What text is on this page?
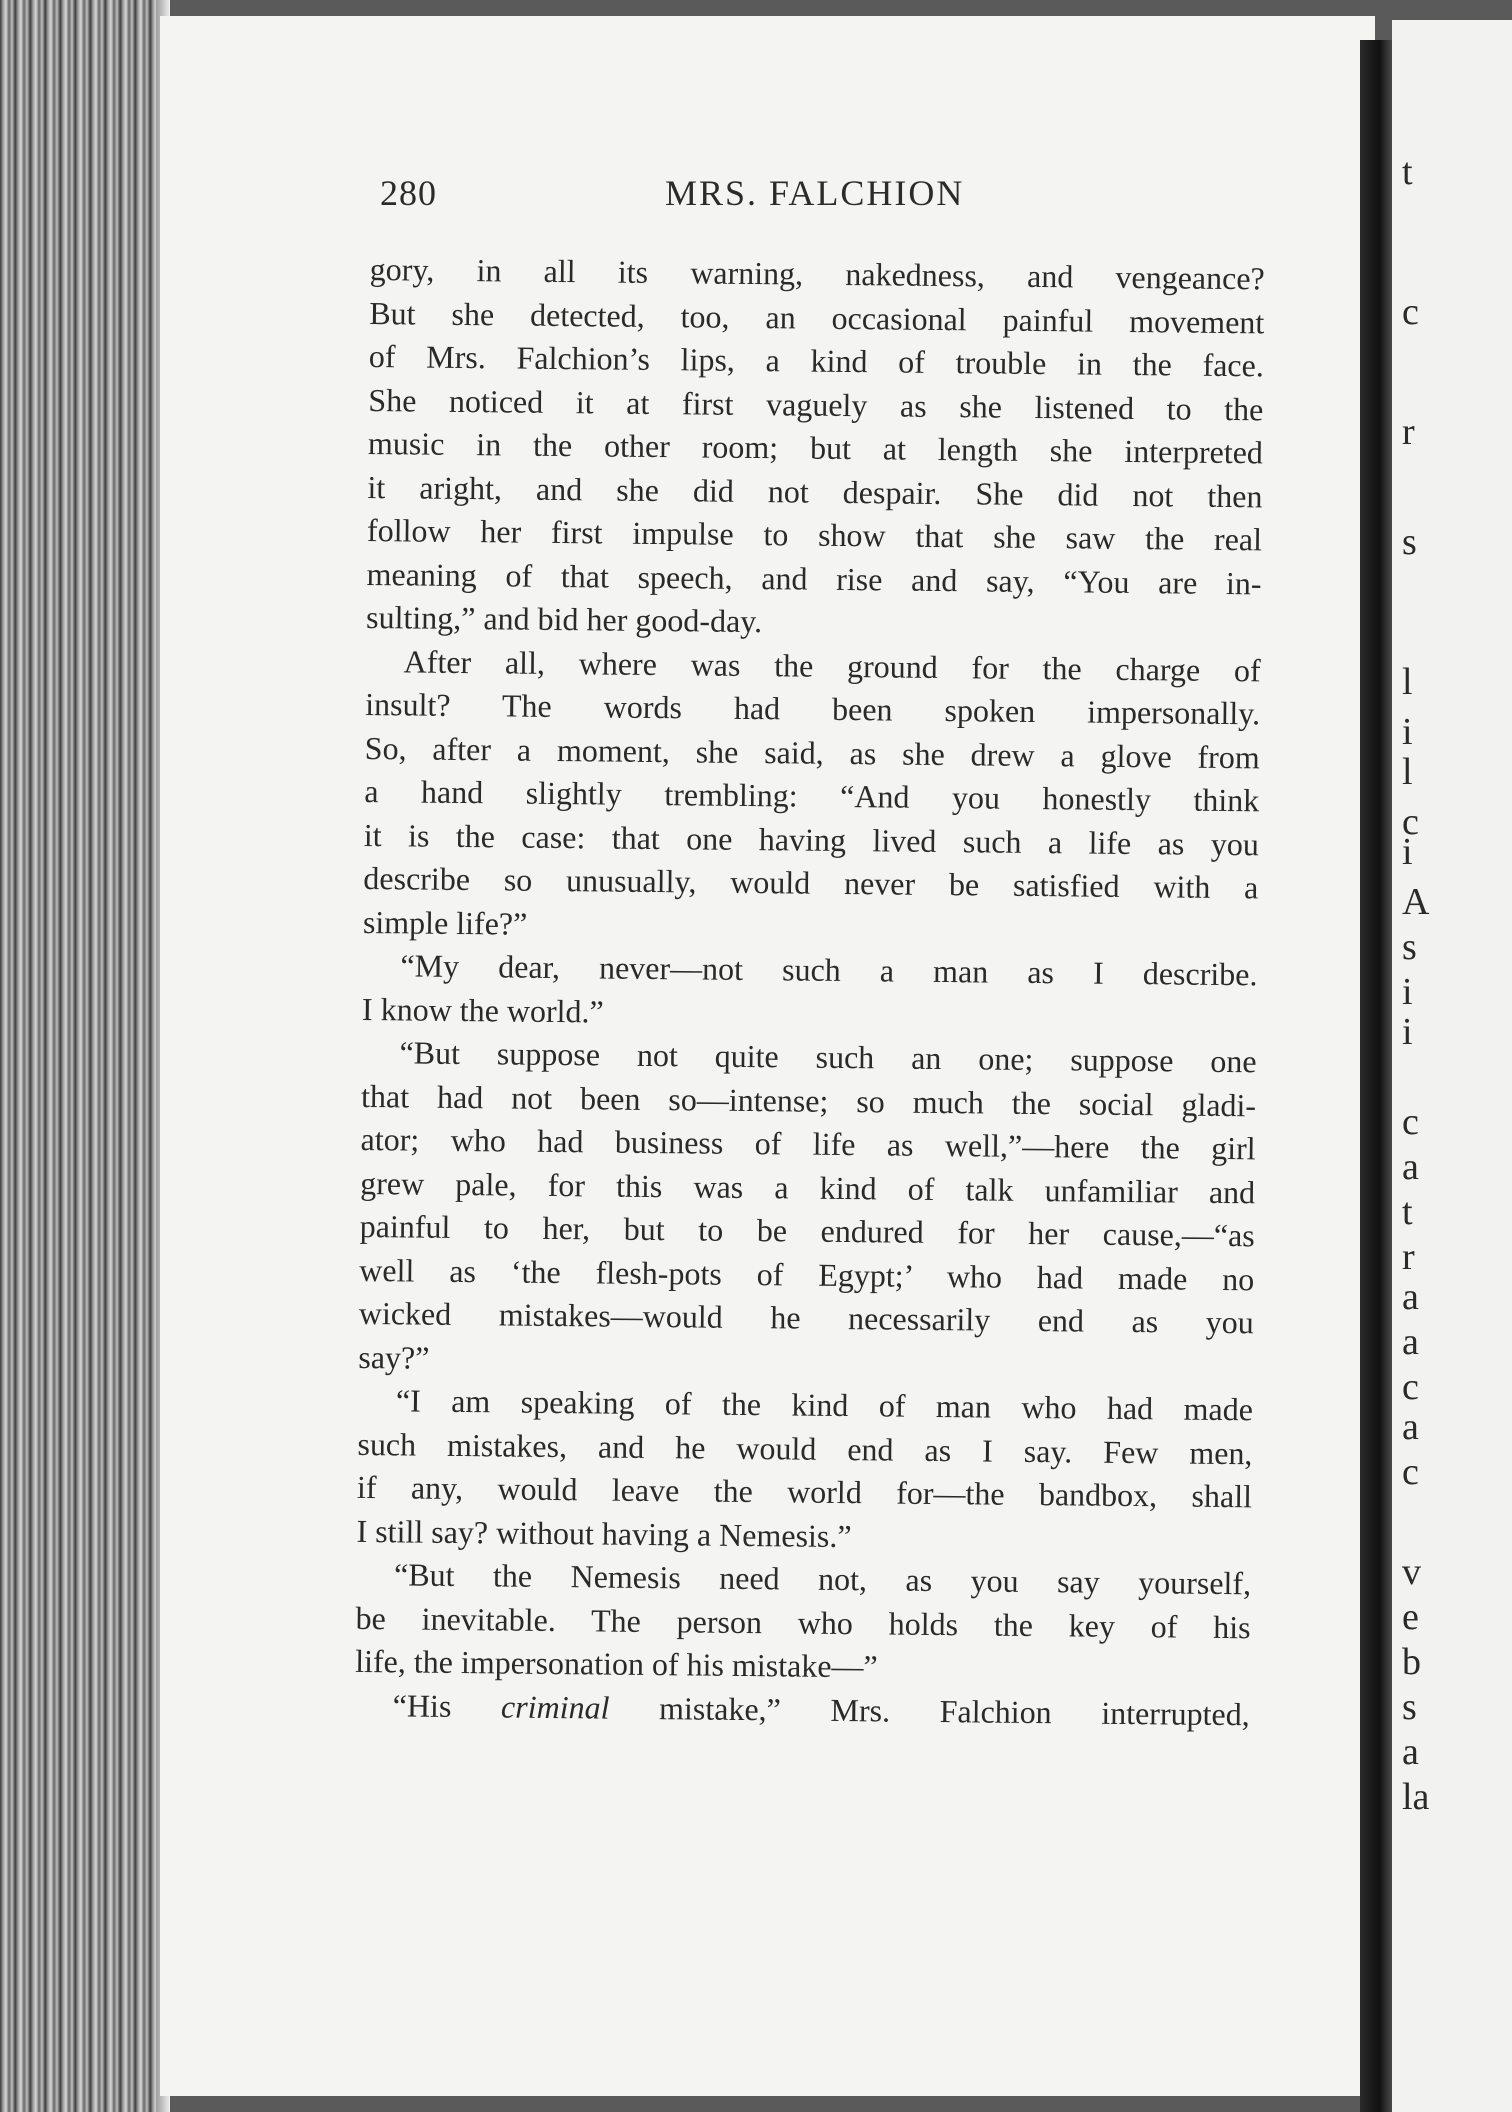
t
c
r
s
l
i
l
c
i
A
s
i
i
c
a
t
r
a
a
c
a
c
v
e
b
s
a
la
280	MRS. FALCHION
gory, in all its warning, nakedness, and vengeance?
But she detected, too, an occasional painful movement
of Mrs. Falchion’s lips, a kind of trouble in the face.
She noticed it at first vaguely as she listened to the
music in the other room; but at length she interpreted
it aright, and she did not despair. She did not then
follow her first impulse to show that she saw the real
meaning of that speech, and rise and say, “You are in-
sulting,” and bid her good-day.
After all, where was the ground for the charge of
insult? The words had been spoken impersonally.
So, after a moment, she said, as she drew a glove from
a hand slightly trembling: “And you honestly think
it is the case: that one having lived such a life as you
describe so unusually, would never be satisfied with a
simple life?”
“My dear, never—not such a man as I describe.
I know the world.”
“But suppose not quite such an one; suppose one
that had not been so—intense; so much the social gladi-
ator; who had business of life as well,”—here the girl
grew pale, for this was a kind of talk unfamiliar and
painful to her, but to be endured for her cause,—“as
well as ‘the flesh-pots of Egypt;’ who had made no
wicked mistakes—would he necessarily end as you
say?”
“I am speaking of the kind of man who had made
such mistakes, and he would end as I say. Few men,
if any, would leave the world for—the bandbox, shall
I still say? without having a Nemesis.”
“But the Nemesis need not, as you say yourself,
be inevitable. The person who holds the key of his
life, the impersonation of his mistake—”
“His criminal mistake,” Mrs. Falchion interrupted,
